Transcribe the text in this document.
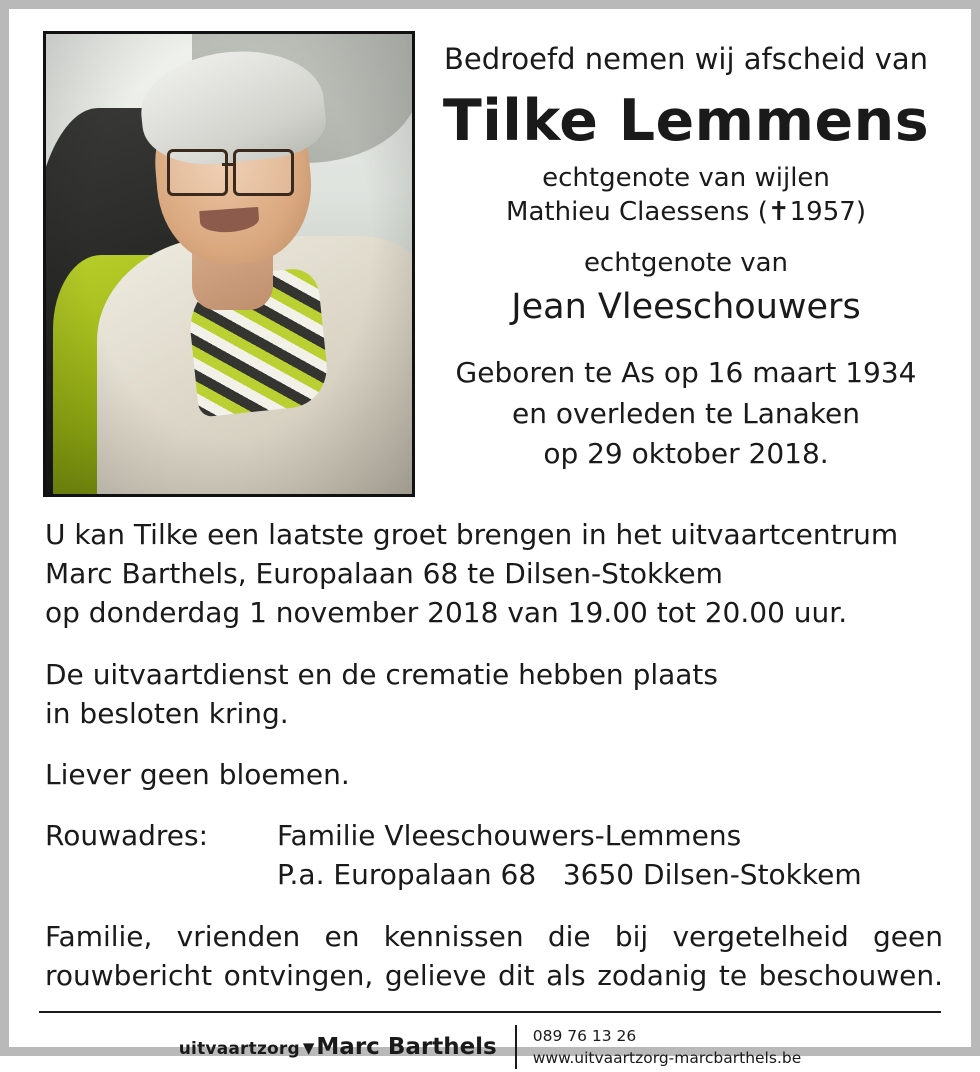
Bedroefd nemen wij afscheid van
Tilke Lemmens
echtgenote van wijlen
Mathieu Claessens (✝1957)
echtgenote van
Jean Vleeschouwers
Geboren te As op 16 maart 1934
en overleden te Lanaken
op 29 oktober 2018.

U kan Tilke een laatste groet brengen in het uitvaartcentrum
Marc Barthels, Europalaan 68 te Dilsen-Stokkem
op donderdag 1 november 2018 van 19.00 tot 20.00 uur.

De uitvaartdienst en de crematie hebben plaats
in besloten kring.

Liever geen bloemen.

Rouwadres:	Familie Vleeschouwers-Lemmens
P.a. Europalaan 68   3650 Dilsen-Stokkem

Familie, vrienden en kennissen die bij vergetelheid geen
rouwbericht ontvingen, gelieve dit als zodanig te beschouwen.

uitvaartzorg ▼ Marc Barthels 089 76 13 26
www.uitvaartzorg-marcbarthels.be
